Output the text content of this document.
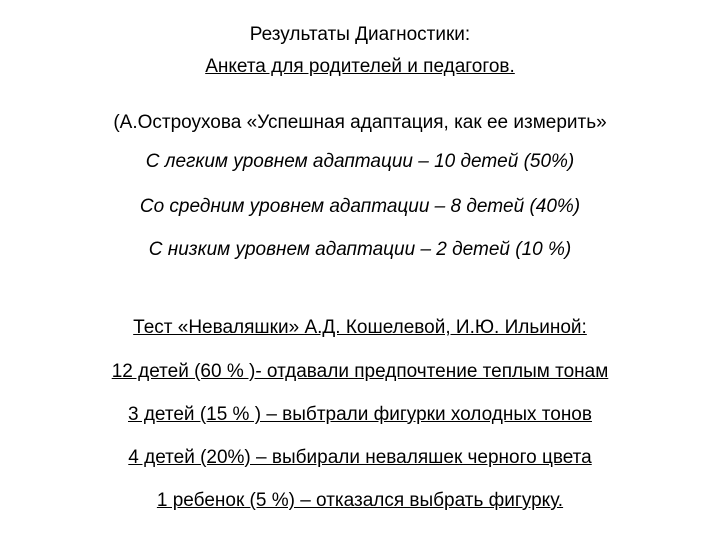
Результаты Диагностики:
Анкета для родителей и педагогов.
(А.Остроухова «Успешная адаптация, как ее измерить»
С легким уровнем адаптации – 10 детей (50%)
Со средним уровнем адаптации – 8 детей (40%)
С низким уровнем адаптации – 2 детей (10 %)
Тест «Неваляшки» А.Д. Кошелевой, И.Ю. Ильиной:
12 детей (60 % )- отдавали предпочтение теплым тонам
3 детей (15 % ) – выбтрали фигурки холодных тонов
4 детей (20%) – выбирали неваляшек черного цвета
1 ребенок (5 %) – отказался выбрать фигурку.
